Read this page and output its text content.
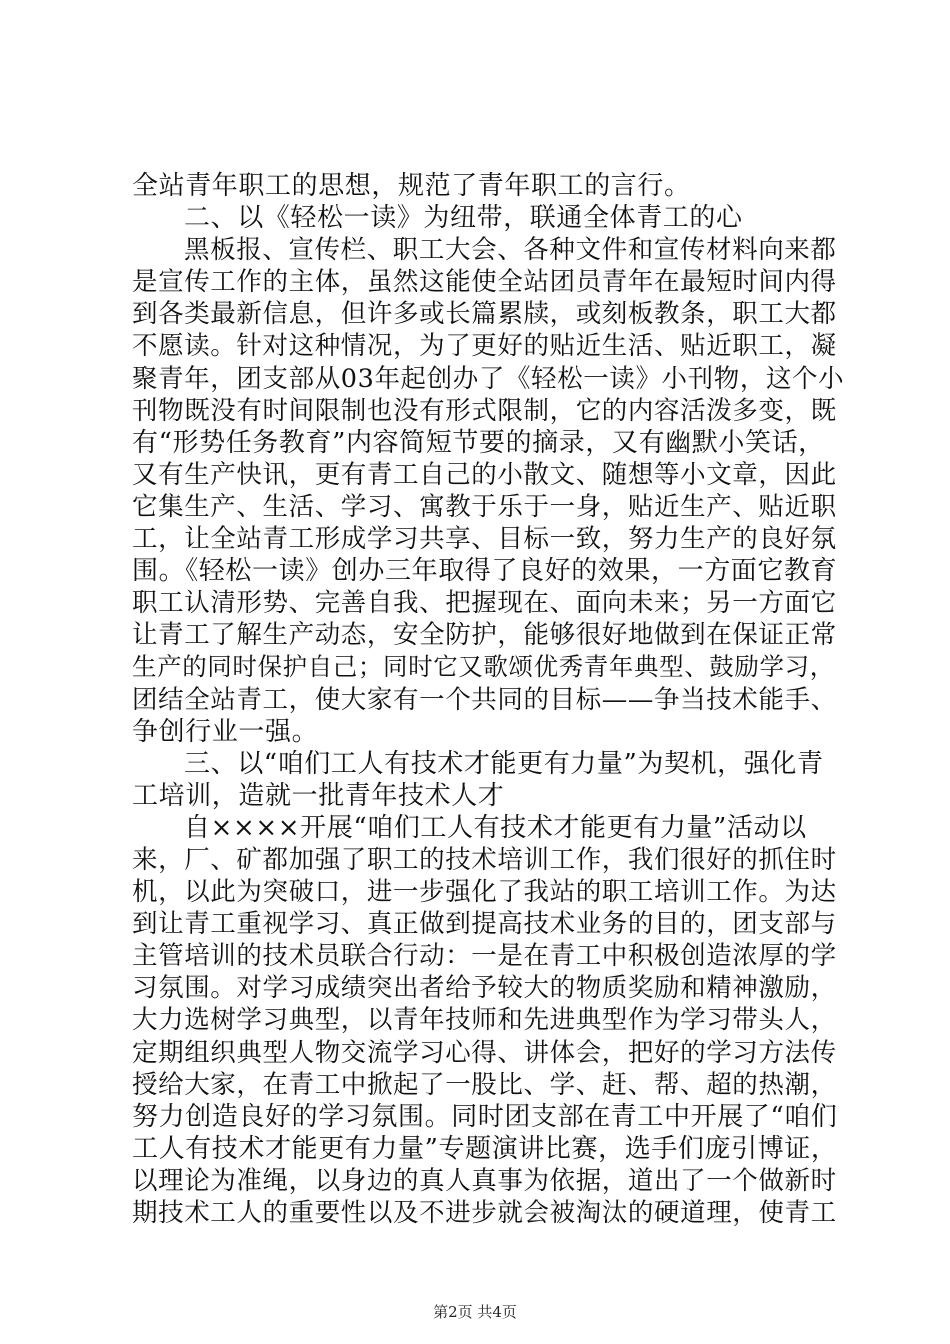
全站青年职工的思想，规范了青年职工的言行。
二、以《轻松一读》为纽带，联通全体青工的心
黑板报、宣传栏、职工大会、各种文件和宣传材料向来都
是宣传工作的主体，虽然这能使全站团员青年在最短时间内得
到各类最新信息，但许多或长篇累牍，或刻板教条，职工大都
不愿读。针对这种情况，为了更好的贴近生活、贴近职工，凝
聚青年，团支部从03年起创办了《轻松一读》小刊物，这个小
刊物既没有时间限制也没有形式限制，它的内容活泼多变，既
有“形势任务教育”内容简短节要的摘录，又有幽默小笑话，
又有生产快讯，更有青工自己的小散文、随想等小文章，因此
它集生产、生活、学习、寓教于乐于一身，贴近生产、贴近职
工，让全站青工形成学习共享、目标一致，努力生产的良好氛
围。《轻松一读》创办三年取得了良好的效果，一方面它教育
职工认清形势、完善自我、把握现在、面向未来；另一方面它
让青工了解生产动态，安全防护，能够很好地做到在保证正常
生产的同时保护自己；同时它又歌颂优秀青年典型、鼓励学习，
团结全站青工，使大家有一个共同的目标——争当技术能手、
争创行业一强。
三、以“咱们工人有技术才能更有力量”为契机，强化青
工培训，造就一批青年技术人才
自××××开展“咱们工人有技术才能更有力量”活动以
来，厂、矿都加强了职工的技术培训工作，我们很好的抓住时
机，以此为突破口，进一步强化了我站的职工培训工作。为达
到让青工重视学习、真正做到提高技术业务的目的，团支部与
主管培训的技术员联合行动：一是在青工中积极创造浓厚的学
习氛围。对学习成绩突出者给予较大的物质奖励和精神激励，
大力选树学习典型，以青年技师和先进典型作为学习带头人，
定期组织典型人物交流学习心得、讲体会，把好的学习方法传
授给大家，在青工中掀起了一股比、学、赶、帮、超的热潮，
努力创造良好的学习氛围。同时团支部在青工中开展了“咱们
工人有技术才能更有力量”专题演讲比赛，选手们庞引博证，
以理论为准绳，以身边的真人真事为依据，道出了一个做新时
期技术工人的重要性以及不进步就会被淘汰的硬道理，使青工
第2页 共4页
